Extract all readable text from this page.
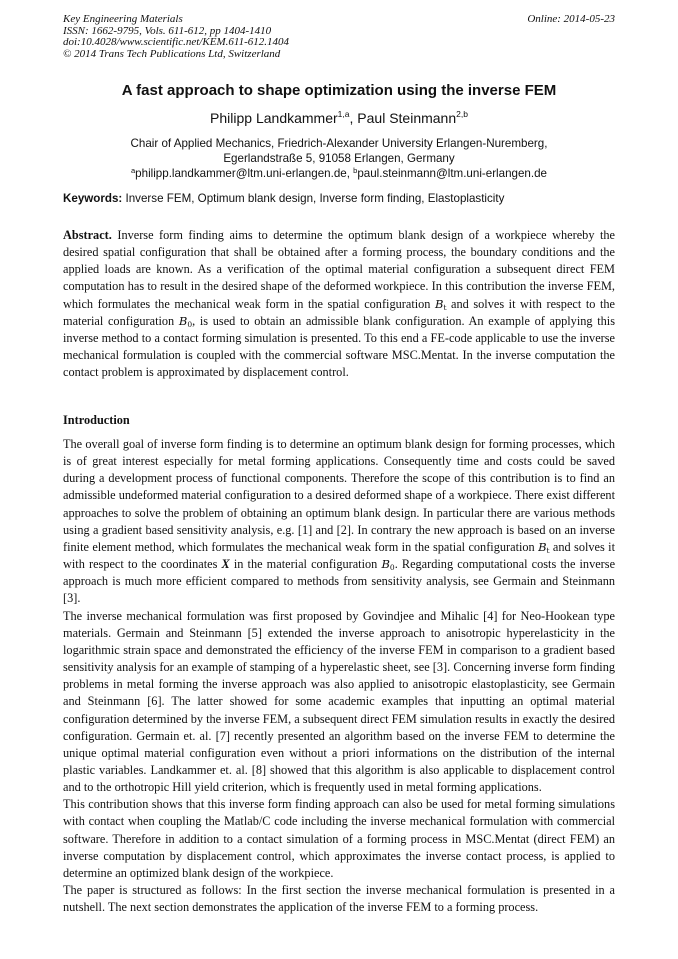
Key Engineering Materials
ISSN: 1662-9795, Vols. 611-612, pp 1404-1410
doi:10.4028/www.scientific.net/KEM.611-612.1404
© 2014 Trans Tech Publications Ltd, Switzerland
Online: 2014-05-23
A fast approach to shape optimization using the inverse FEM
Philipp Landkammer$^{1,a}$, Paul Steinmann$^{2,b}$
Chair of Applied Mechanics, Friedrich-Alexander University Erlangen-Nuremberg,
Egerlandstraße 5, 91058 Erlangen, Germany
$^a$philipp.landkammer@ltm.uni-erlangen.de, $^b$paul.steinmann@ltm.uni-erlangen.de
Keywords: Inverse FEM, Optimum blank design, Inverse form finding, Elastoplasticity

Abstract. Inverse form finding aims to determine the optimum blank design of a workpiece whereby the desired spatial configuration that shall be obtained after a forming process, the boundary conditions and the applied loads are known. As a verification of the optimal material configuration a subsequent direct FEM computation has to result in the desired shape of the deformed workpiece. In this contribution the inverse FEM, which formulates the mechanical weak form in the spatial configuration Bt and solves it with respect to the material configuration B0, is used to obtain an admissible blank configuration. An example of applying this inverse method to a contact forming simulation is presented. To this end a FE-code applicable to use the inverse mechanical formulation is coupled with the commercial software MSC.Mentat. In the inverse computation the contact problem is approximated by displacement control.

Introduction

The overall goal of inverse form finding is to determine an optimum blank design for forming processes, which is of great interest especially for metal forming applications. Consequently time and costs could be saved during a development process of functional components. Therefore the scope of this contribution is to find an admissible undeformed material configuration to a desired deformed shape of a workpiece. There exist different approaches to solve the problem of obtaining an optimum blank design. In particular there are various methods using a gradient based sensitivity analysis, e.g. [1] and [2]. In contrary the new approach is based on an inverse finite element method, which formulates the mechanical weak form in the spatial configuration Bt and solves it with respect to the coordinates X in the material configuration B0. Regarding computational costs the inverse approach is much more efficient compared to methods from sensitivity analysis, see Germain and Steinmann [3].

The inverse mechanical formulation was first proposed by Govindjee and Mihalic [4] for Neo-Hookean type materials. Germain and Steinmann [5] extended the inverse approach to anisotropic hyperelasticity in the logarithmic strain space and demonstrated the efficiency of the inverse FEM in comparison to a gradient based sensitivity analysis for an example of stamping of a hyperelastic sheet, see [3]. Concerning inverse form finding problems in metal forming the inverse approach was also applied to anisotropic elastoplasticity, see Germain and Steinmann [6]. The latter showed for some academic examples that inputting an optimal material configuration determined by the inverse FEM, a subsequent direct FEM simulation results in exactly the desired configuration. Germain et. al. [7] recently presented an algorithm based on the inverse FEM to determine the unique optimal material configuration even without a priori informations on the distribution of the internal plastic variables. Landkammer et. al. [8] showed that this algorithm is also applicable to displacement control and to the orthotropic Hill yield criterion, which is frequently used in metal forming applications.

This contribution shows that this inverse form finding approach can also be used for metal forming simulations with contact when coupling the Matlab/C code including the inverse mechanical formulation with commercial software. Therefore in addition to a contact simulation of a forming process in MSC.Mentat (direct FEM) an inverse computation by displacement control, which approximates the inverse contact process, is applied to determine an optimized blank design of the workpiece.

The paper is structured as follows: In the first section the inverse mechanical formulation is presented in a nutshell. The next section demonstrates the application of the inverse FEM to a forming process.
